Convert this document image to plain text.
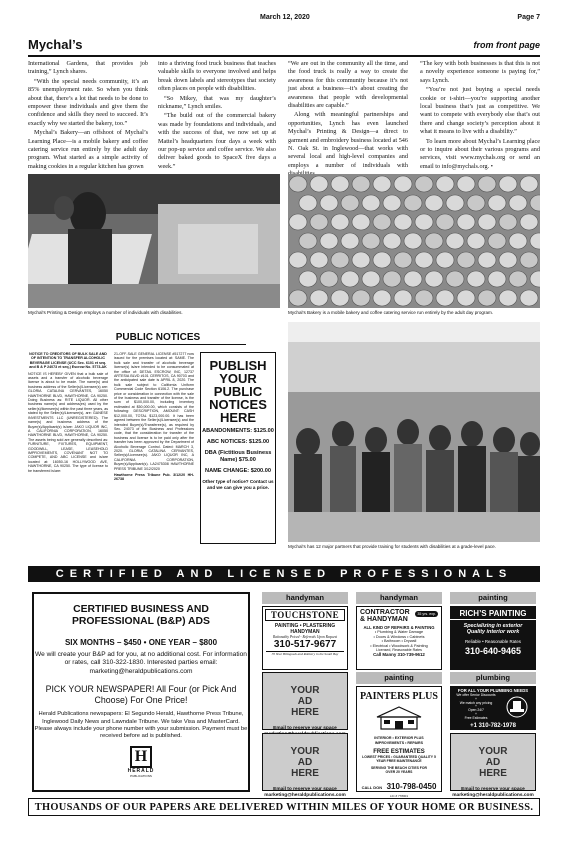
March 12, 2020	Page 7
Mychal’s	from front page

International Gardens, that provides job training,” Lynch shares.

“With the special needs community, it’s an 85% unemployment rate. So when you think about that, there’s a lot that needs to be done to empower these individuals and give them the confidence and skills they need to succeed. It’s exactly why we started the bakery, too.”

Mychal’s Bakery—an offshoot of Mychal’s Learning Place—is a mobile bakery and coffee catering service run entirely by the adult day program. What started as a simple activity of making cookies in a regular kitchen has grown

into a thriving food truck business that teaches valuable skills to everyone involved and helps break down labels and stereotypes that society often places on people with disabilities.

“So Mikey, that was my daughter’s nickname,” Lynch smiles.

“The build out of the commercial bakery was made by foundations and individuals, and with the success of that, we now set up at Mattel’s headquarters four days a week with our pop-up service and coffee service. We also deliver baked goods to SpaceX five days a week.”

“We are out in the community all the time, and the food truck is really a way to create the awareness for this community because it’s not just about a business—it’s about creating the awareness that people with developmental disabilities are capable.”

Along with meaningful partnerships and opportunities, Lynch has even launched Mychal’s Printing & Design—a direct to garment and embroidery business located at 546 N. Oak St. in Inglewood—that works with several local and high-level companies and employs a number of individuals with

“The key with both businesses is that this is not a novelty experience someone is paying for,” says Lynch.

“You’re not just buying a special needs cookie or t-shirt—you’re supporting another local business that’s just as competitive. We want to compete with everybody else that’s out there and change society’s perception about it what it means to live with a disability.”

To learn more about Mychal’s Learning place or to inquire about their various programs and services, visit www.mychals.org or send an email to info@mychals.org. •

Mychal’s Printing & Design employs a number of individuals with disabilities.	Mychal’s Bakery is a mobile bakery and coffee catering service run entirely by the adult day program.
Mychal’s has 12 major partners that provide training for students with disabilities at a grade-level pace.
PUBLIC NOTICES
NOTICE TO CREDITORS OF BULK SALE AND OF INTENTION TO TRANSFER ALCOHOLIC BEVERAGE LICENSE (UCC Sec. 6101 et seq. and B & P 24073 et seq.) Escrow No. 5773-AK
NOTICE IS HEREBY GIVEN that a bulk sale of assets and a transfer of alcoholic beverage license is about to be made. The name(s) and business address of the Seller(s)/Licensee(s) are: GLORIA CATALINA CERVANTES, 16050 HAWTHORNE BLVD, HAWTHORNE, CA 90250. Doing Business as: RITE LIQUOR. All other business name(s) and address(es) used by the seller(s)/licensee(s) within the past three years, as stated by the Seller(s)/Licensee(s), are: GANESE INVESTMENTS LLC (UNREGISTERED). The name(s) and business address of the Buyer(s)/Applicant(s) is/are: JAKO LIQUOR INC, A CALIFORNIA CORPORATION, 16050 HAWTHORNE BLVD, HAWTHORNE, CA 90250. The assets being sold are generally described as: FURNITURE, FIXTURES, EQUIPMENT, GOODWILL, LEASE, LEASEHOLD IMPROVEMENTS, COVENANT NOT TO COMPETE, AND ABC LICENSE and is/are located at: 16050-16 HOLLYWOOD AVE, HAWTHORNE, CA 90250. The type of license to be transferred is/are:
21-OFF-SALE GENERAL LICENSE #517277 now issued for the premises located at: SAME. The bulk sale and transfer of alcoholic beverage license(s) is/are intended to be consummated at the office of: DETAIL ESCROW, INC, 12737 ARTESIA BLVD #101 CERRITOS, CA 90703 and the anticipated sale date is APRIL 8, 2020. The bulk sale subject to California Uniform Commercial Code Section 6106.2. The purchase price or consideration in connection with the sale of the business and transfer of the license, is the sum of $100,000.00, including inventory estimated at $50,000.00, which consists of the following: DESCRIPTION, AMOUNT: CASH $12,000.00, TOTAL $123,000.00. It has been agreed between the Seller(s)/Licensee(s) and the intended Buyer(s)/Transferee(s), as required by Sec. 24073 of the Business and Professions code, that the consideration for transfer of the business and license is to be paid only after the transfer has been approved by the Department of Alcoholic Beverage Control. Dated: MARCH 3, 2020. GLORIA CATALINA CERVANTES, Seller(s)/Licensee(s). JAKO LIQUOR INC, A CALIFORNIA CORPORATION, Buyer(s)/Applicant(s). LA2475308 HAWTHORNE PRESS TRIBUNE 3/12/2020
Hawthorne Press Tribune Pub. 3/12/20 HH-26738
PUBLISH
YOUR
PUBLIC
NOTICES
HERE
ABANDONMENTS: $125.00
ABC NOTICES: $125.00
DBA (Fictitious Business Name) $75.00
NAME CHANGE: $200.00
Other type of notice? Contact us and we can give you a price.
CERTIFIED AND LICENSED PROFESSIONALS
CERTIFIED BUSINESS AND PROFESSIONAL (B&P) ADS
SIX MONTHS – $450 • ONE YEAR – $800
We will create your B&P ad for you, at no additional cost. For information or rates, call 310-322-1830. Interested parties email: marketing@heraldpublications.com
PICK YOUR NEWSPAPER! All Four (or Pick And Choose) For One Price!
Herald Publications newspapers: El Segundo Herald, Hawthorne Press Tribune, Inglewood Daily News and Lawndale Tribune. We take Visa and MasterCard. Please always include your phone number with your submission. Payment must be received before ad is published.
H
HERALD
PUBLICATIONS
handyman	handyman	painting
painting	plumbing
TOUCHSTONE
PAINTING • PLASTERING
HANDYMAN
Rationality Priced - Referrals Upon Request
310-517-9677
35 Year Bilinguals and Robbery in the South Bay
CONTRACTOR
& HANDYMAN
35 yrs. exp.
ALL KIND OF REPAIRS & PAINTING
• Plumbing & Water Damage
• Doors & Windows • Cabinets
• Bathroom • Drywall
• Electrical • Woodwork & Painting
Licensed, Reasonable Rates
Call Manny 310-739-9612
RICH’S PAINTING
Specializing in exterior
Quality interior work
Reliable • Reasonable Rates
310-640-9465
YOUR
AD
HERE
Email to reserve your space
YOUR
AD
HERE
Email to reserve your space marketing@heraldpublications.com
YOUR
AD
HERE
Email to reserve your space marketing@heraldpublications.com
PAINTERS PLUS
INTERIOR • EXTERIOR PLUS IMPROVEMENTS • REPAIRS
FREE ESTIMATES
LOWEST PRICES • GUARANTEED QUALITY 5 YEAR FREE MAINTENANCE
SERVING THE BEACH CITIES FOR OVER 20 YEARS
CALL DON 310-798-0450
LIC # 778001
FOR ALL YOUR PLUMBING NEEDS
We offer Senior Discounts
+
We match any pricing
+
Open 24/7
+
Free Estimates
+1 310-782-1978
THOUSANDS OF OUR PAPERS ARE DELIVERED WITHIN MILES OF YOUR HOME OR BUSINESS.
